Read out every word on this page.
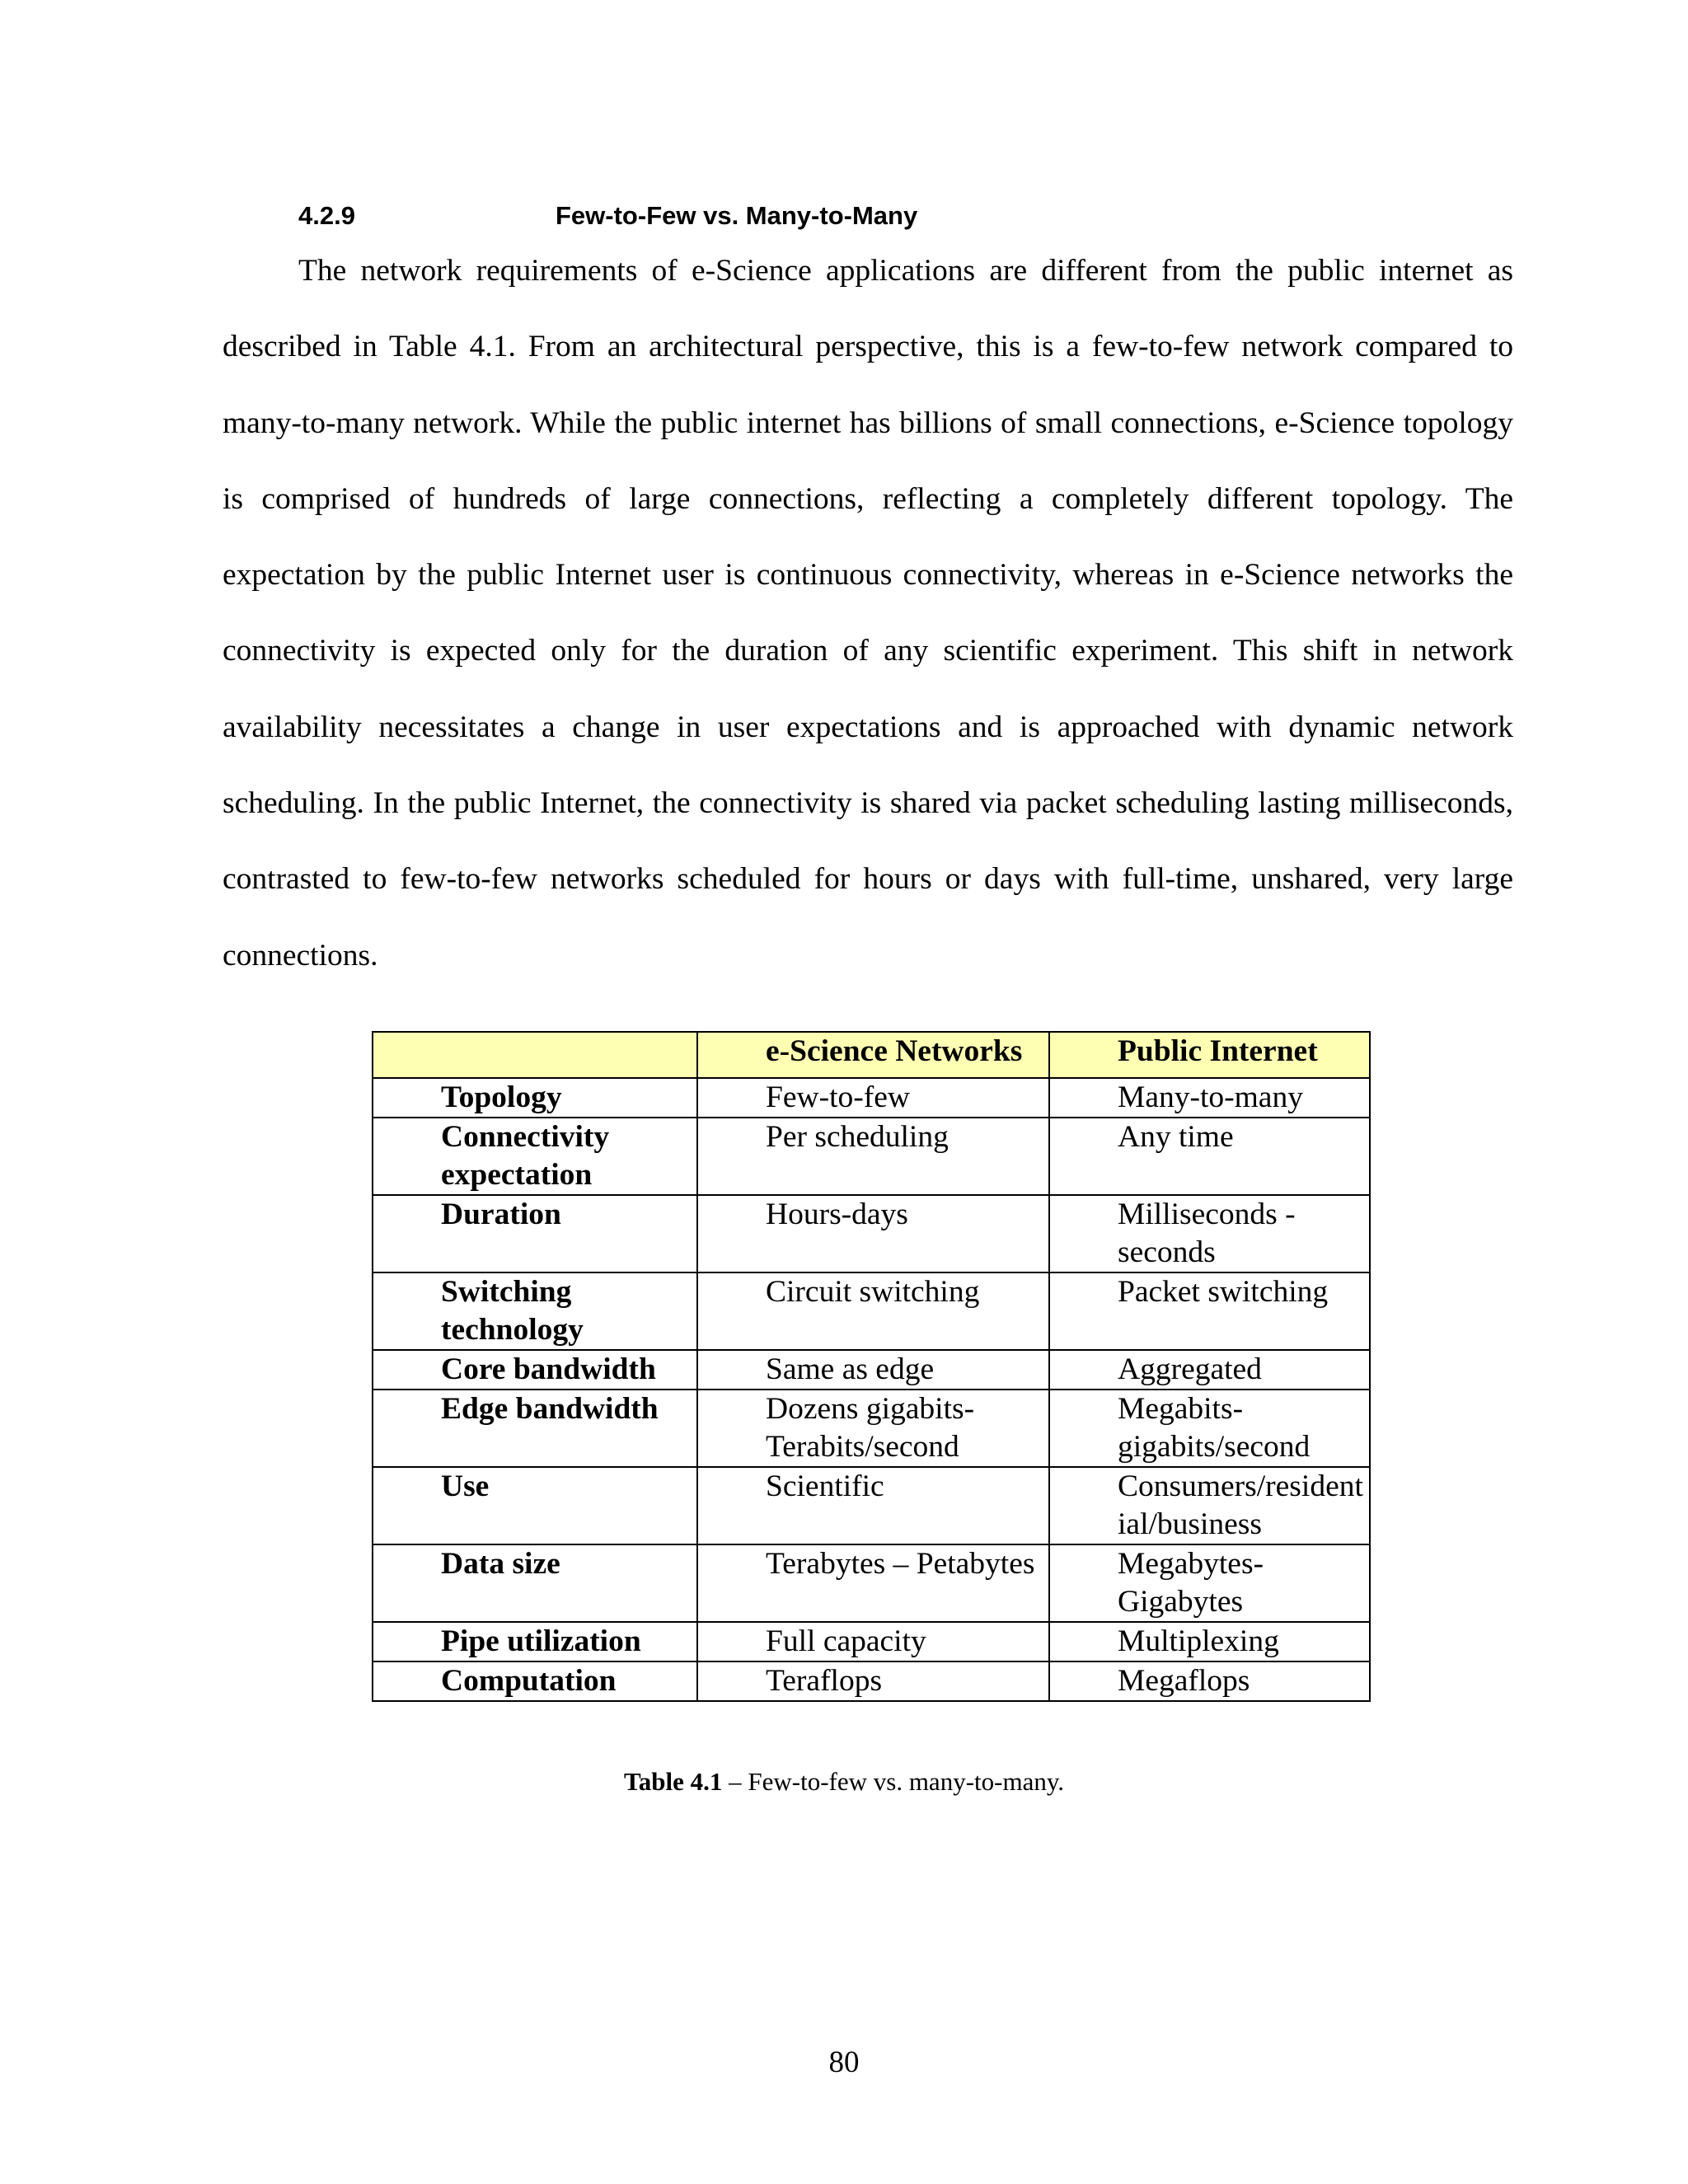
4.2.9	Few-to-Few vs. Many-to-Many

The network requirements of e-Science applications are different from the public internet as described in Table 4.1. From an architectural perspective, this is a few-to-few network compared to many-to-many network. While the public internet has billions of small connections, e-Science topology is comprised of hundreds of large connections, reflecting a completely different topology. The expectation by the public Internet user is continuous connectivity, whereas in e-Science networks the connectivity is expected only for the duration of any scientific experiment. This shift in network availability necessitates a change in user expectations and is approached with dynamic network scheduling. In the public Internet, the connectivity is shared via packet scheduling lasting milliseconds, contrasted to few-to-few networks scheduled for hours or days with full-time, unshared, very large connections.

	e-Science Networks	Public Internet

Topology	Few-to-few	Many-to-many
Connectivity expectation	Per scheduling	Any time
Duration	Hours-days	Milliseconds - seconds
Switching technology	Circuit switching	Packet switching
Core bandwidth	Same as edge	Aggregated
Edge bandwidth	Dozens gigabits-Terabits/second	Megabits-gigabits/second
Use	Scientific	Consumers/residential/business
Data size	Terabytes – Petabytes	Megabytes-Gigabytes
Pipe utilization	Full capacity	Multiplexing
Computation	Teraflops	Megaflops
Table 4.1 – Few-to-few vs. many-to-many.
80
